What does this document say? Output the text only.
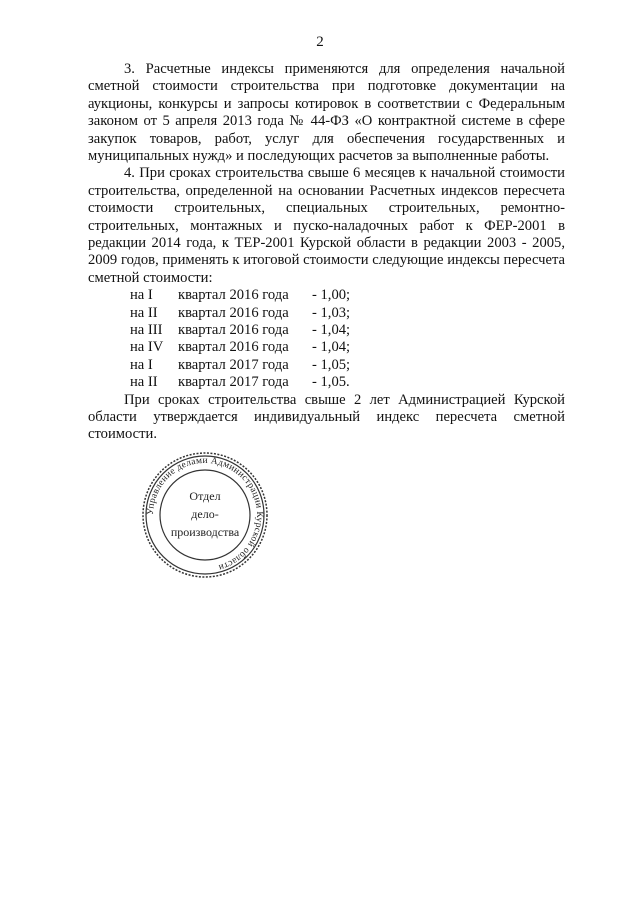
2

3. Расчетные индексы применяются для определения начальной сметной стоимости строительства при подготовке документации на аукционы, конкурсы и запросы котировок в соответствии с Федеральным законом от 5 апреля 2013 года № 44-ФЗ «О контрактной системе в сфере закупок товаров, работ, услуг для обеспечения государственных и муниципальных нужд» и последующих расчетов за выполненные работы.

4. При сроках строительства свыше 6 месяцев к начальной стоимости строительства, определенной на основании Расчетных индексов пересчета стоимости строительных, специальных строительных, ремонтно-строительных, монтажных и пуско-наладочных работ к ФЕР-2001 в редакции 2014 года, к ТЕР-2001 Курской области в редакции 2003 - 2005, 2009 годов, применять к итоговой стоимости следующие индексы пересчета сметной стоимости:

на I квартал 2016 года - 1,00;
на II квартал 2016 года - 1,03;
на III квартал 2016 года - 1,04;
на IV квартал 2016 года - 1,04;
на I квартал 2017 года - 1,05;
на II квартал 2017 года - 1,05.

При сроках строительства свыше 2 лет Администрацией Курской области утверждается индивидуальный индекс пересчета сметной стоимости.

Управление делами Администрации Курской области
Отдел
дело-
производства
